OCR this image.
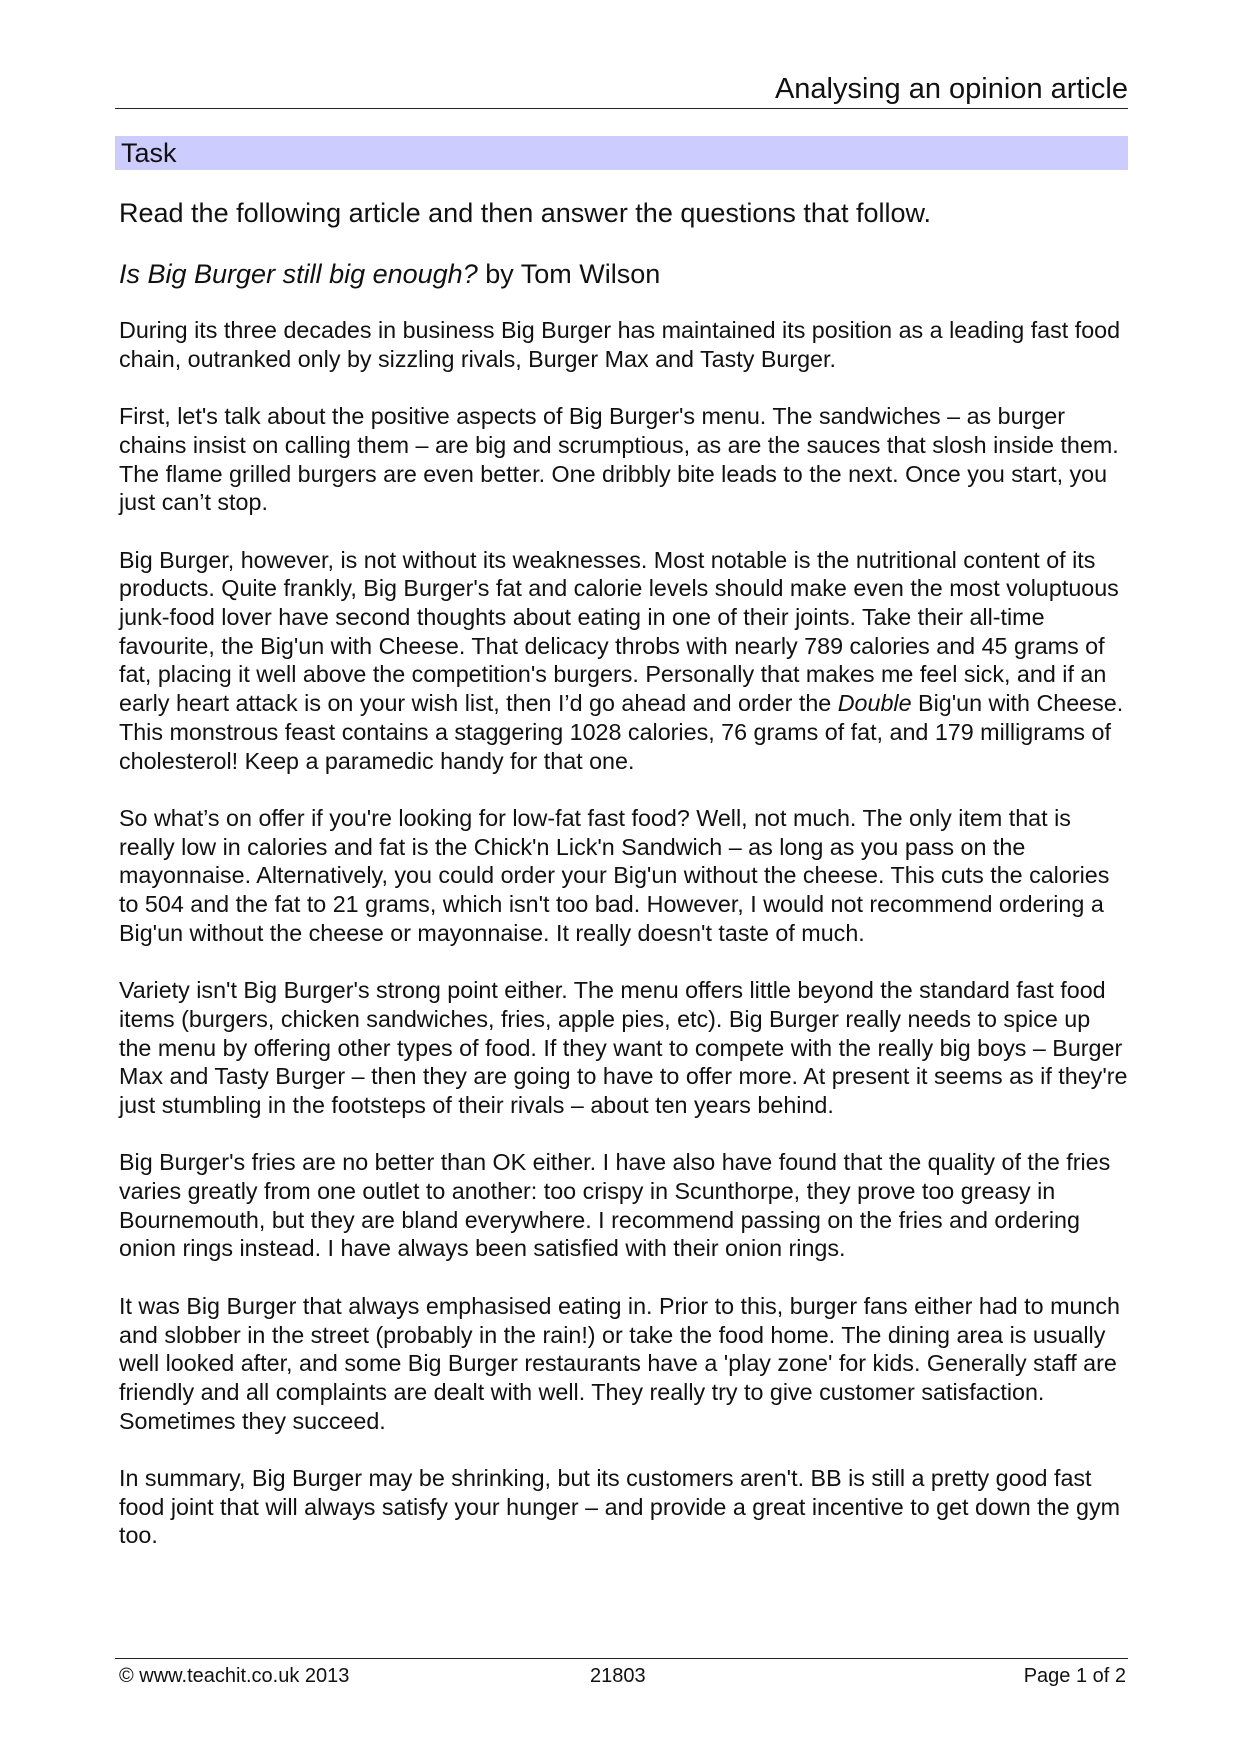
Analysing an opinion article
Task
Read the following article and then answer the questions that follow.
Is Big Burger still big enough? by Tom Wilson

During its three decades in business Big Burger has maintained its position as a leading fast food chain, outranked only by sizzling rivals, Burger Max and Tasty Burger.

First, let's talk about the positive aspects of Big Burger's menu. The sandwiches – as burger chains insist on calling them – are big and scrumptious, as are the sauces that slosh inside them. The flame grilled burgers are even better. One dribbly bite leads to the next. Once you start, you just can’t stop.

Big Burger, however, is not without its weaknesses. Most notable is the nutritional content of its products. Quite frankly, Big Burger's fat and calorie levels should make even the most voluptuous junk-food lover have second thoughts about eating in one of their joints. Take their all-time favourite, the Big'un with Cheese. That delicacy throbs with nearly 789 calories and 45 grams of fat, placing it well above the competition's burgers. Personally that makes me feel sick, and if an early heart attack is on your wish list, then I’d go ahead and order the Double Big'un with Cheese. This monstrous feast contains a staggering 1028 calories, 76 grams of fat, and 179 milligrams of cholesterol! Keep a paramedic handy for that one.

So what’s on offer if you're looking for low-fat fast food? Well, not much. The only item that is really low in calories and fat is the Chick'n Lick'n Sandwich – as long as you pass on the mayonnaise. Alternatively, you could order your Big'un without the cheese. This cuts the calories to 504 and the fat to 21 grams, which isn't too bad. However, I would not recommend ordering a Big'un without the cheese or mayonnaise. It really doesn't taste of much.

Variety isn't Big Burger's strong point either. The menu offers little beyond the standard fast food items (burgers, chicken sandwiches, fries, apple pies, etc). Big Burger really needs to spice up the menu by offering other types of food. If they want to compete with the really big boys – Burger Max and Tasty Burger – then they are going to have to offer more. At present it seems as if they're just stumbling in the footsteps of their rivals – about ten years behind.

Big Burger's fries are no better than OK either. I have also have found that the quality of the fries varies greatly from one outlet to another: too crispy in Scunthorpe, they prove too greasy in Bournemouth, but they are bland everywhere. I recommend passing on the fries and ordering onion rings instead. I have always been satisfied with their onion rings.

It was Big Burger that always emphasised eating in. Prior to this, burger fans either had to munch and slobber in the street (probably in the rain!) or take the food home. The dining area is usually well looked after, and some Big Burger restaurants have a 'play zone' for kids. Generally staff are friendly and all complaints are dealt with well. They really try to give customer satisfaction. Sometimes they succeed.

In summary, Big Burger may be shrinking, but its customers aren't. BB is still a pretty good fast food joint that will always satisfy your hunger – and provide a great incentive to get down the gym too.

© www.teachit.co.uk 2013	21803	Page 1 of 2
